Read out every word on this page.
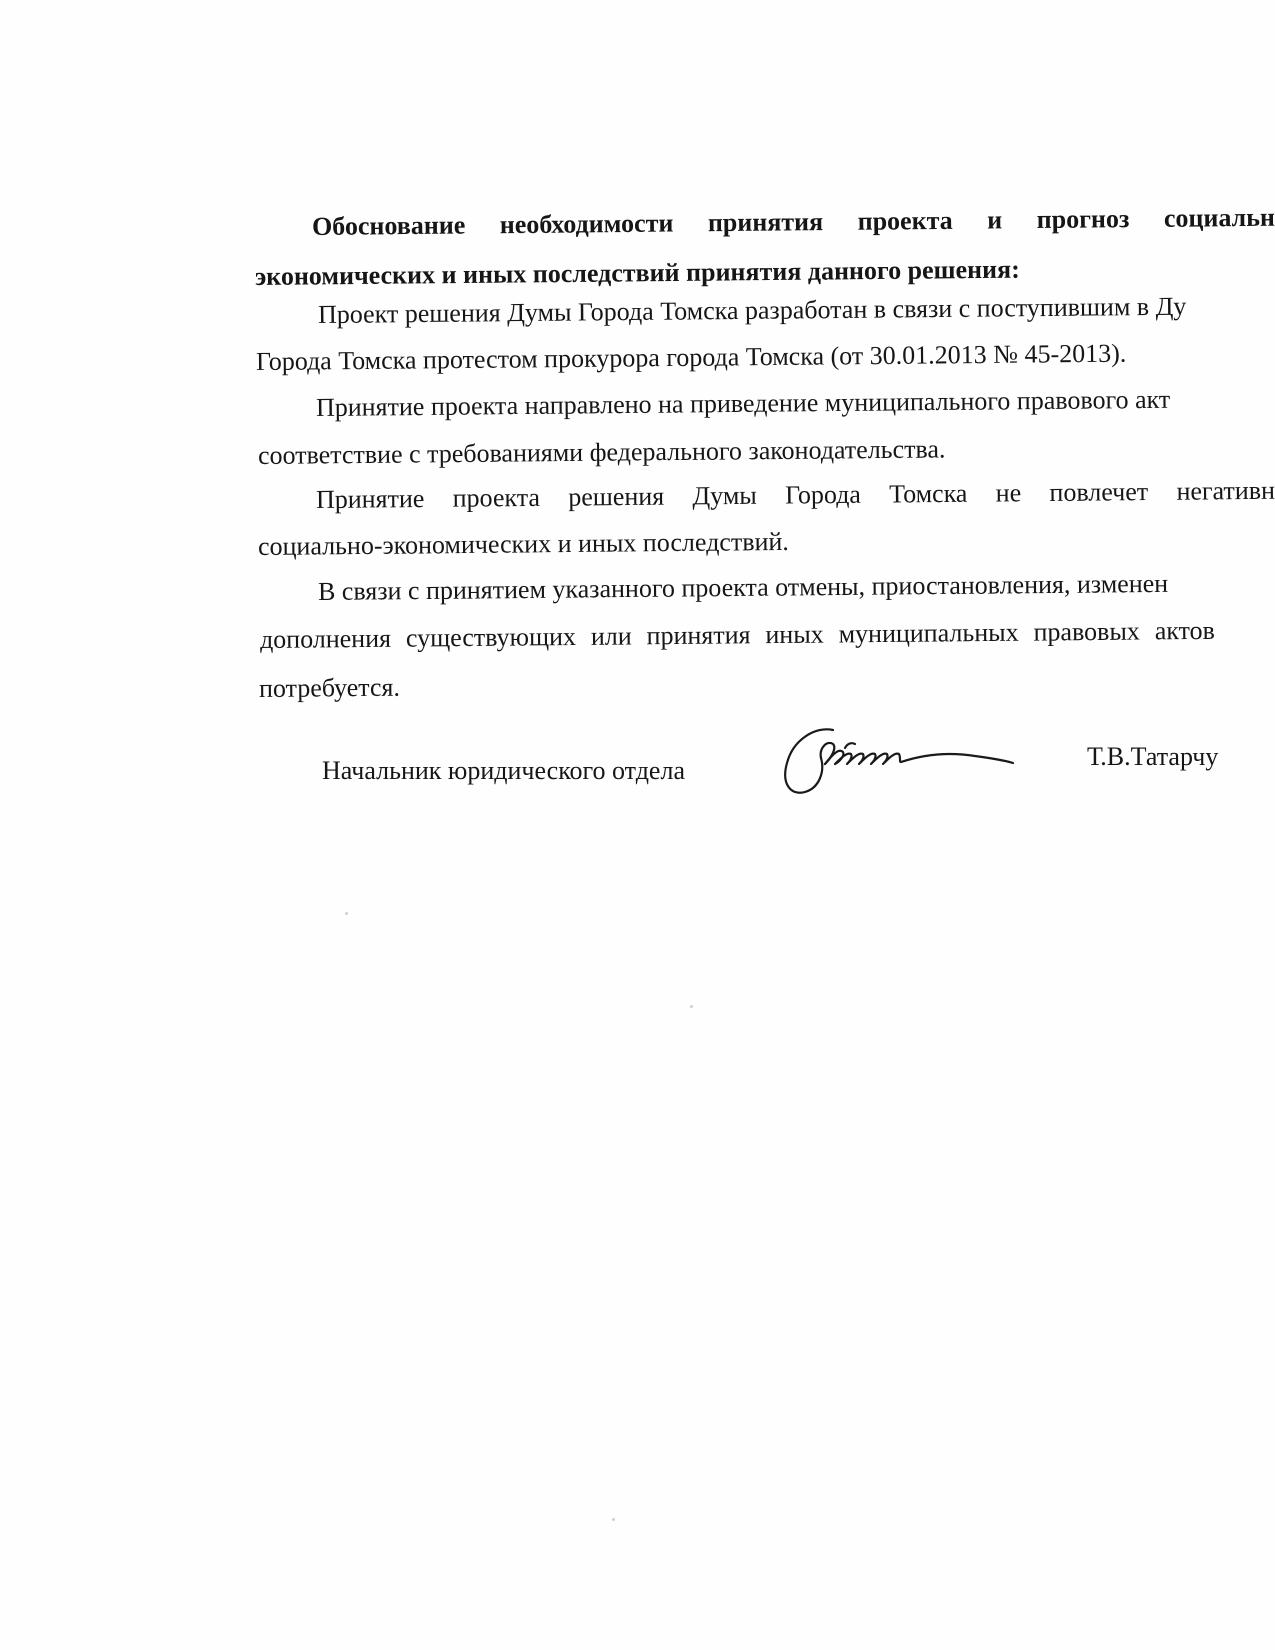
Обоснование необходимости принятия проекта и прогноз социальн
экономических и иных последствий принятия данного решения:
Проект решения Думы Города Томска разработан в связи с поступившим в Ду
Города Томска протестом прокурора города Томска (от 30.01.2013 № 45-2013).
Принятие проекта направлено на приведение муниципального правового акт
соответствие с требованиями федерального законодательства.
Принятие проекта решения Думы Города Томска не повлечет негативн
социально-экономических и иных последствий.
В связи с принятием указанного проекта отмены, приостановления, изменен
дополнения существующих или принятия иных муниципальных правовых актов
потребуется.
Начальник юридического отдела	Т.В.Татарчу
